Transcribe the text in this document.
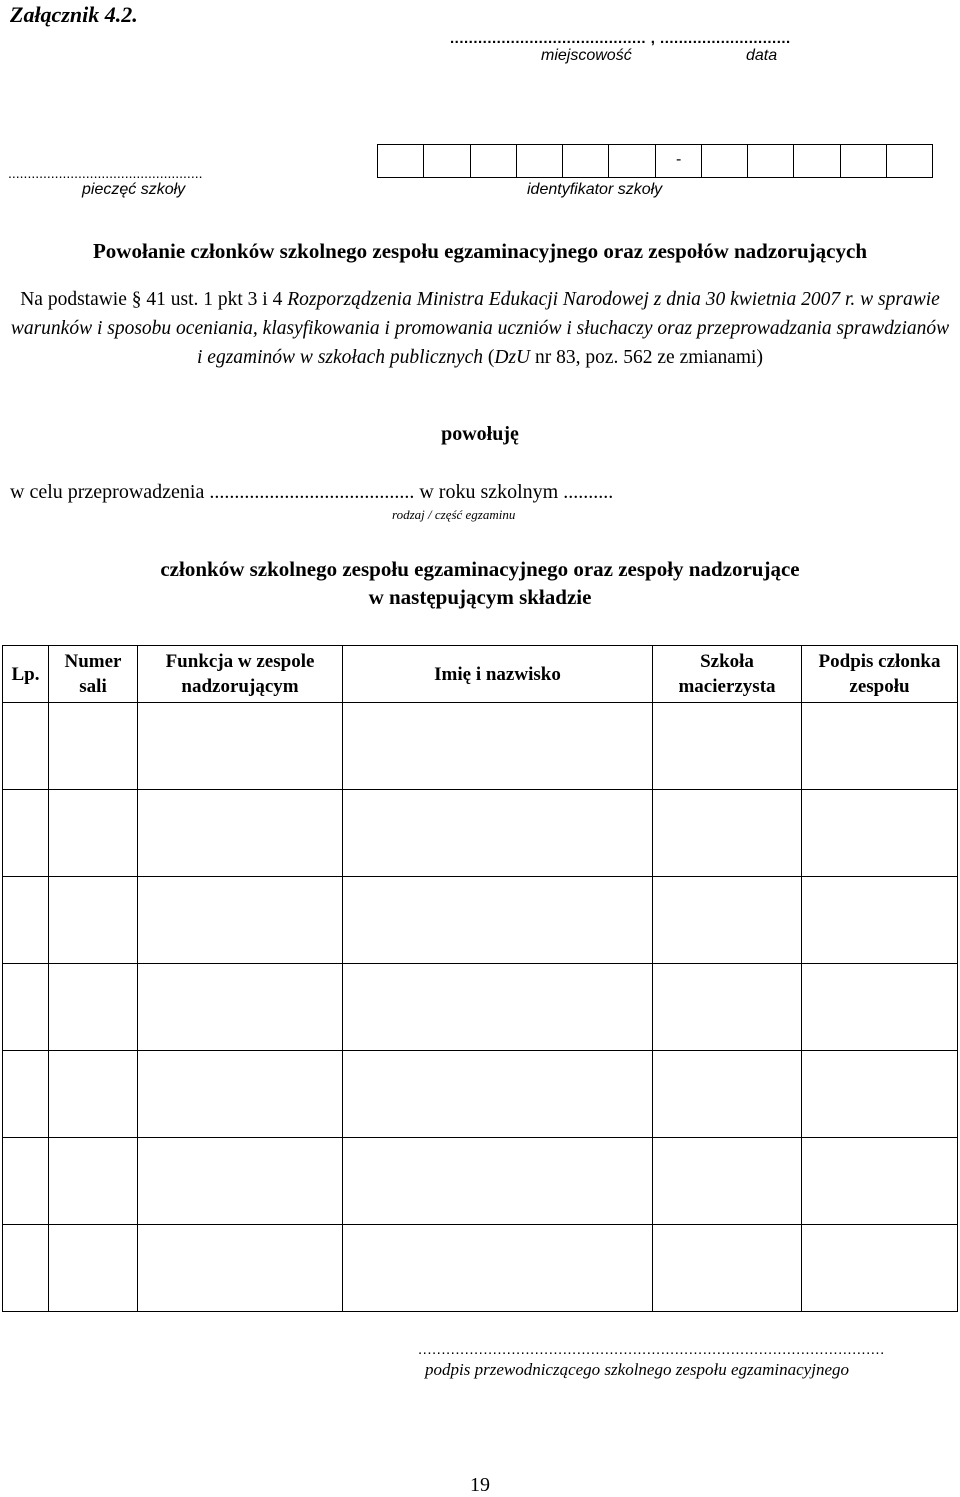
Załącznik 4.2.
.......................................... , ............................
miejscowość	data
..................................................
pieczęć szkoły
-
identyfikator szkoły
Powołanie członków szkolnego zespołu egzaminacyjnego oraz zespołów nadzorujących
Na podstawie § 41 ust. 1 pkt 3 i 4 Rozporządzenia Ministra Edukacji Narodowej z dnia 30 kwietnia 2007 r. w sprawie warunków i sposobu oceniania, klasyfikowania i promowania uczniów i słuchaczy oraz przeprowadzania sprawdzianów i egzaminów w szkołach publicznych (DzU nr 83, poz. 562 ze zmianami)
powołuję
w celu przeprowadzenia ......................................... w roku szkolnym ..........
rodzaj / część egzaminu
członków szkolnego zespołu egzaminacyjnego oraz zespoły nadzorujące
w następującym składzie
Lp.	Numer sali	Funkcja w zespole nadzorującym	Imię i nazwisko	Szkoła macierzysta	Podpis członka zespołu

....................................................................................................
podpis przewodniczącego szkolnego zespołu egzaminacyjnego
19
